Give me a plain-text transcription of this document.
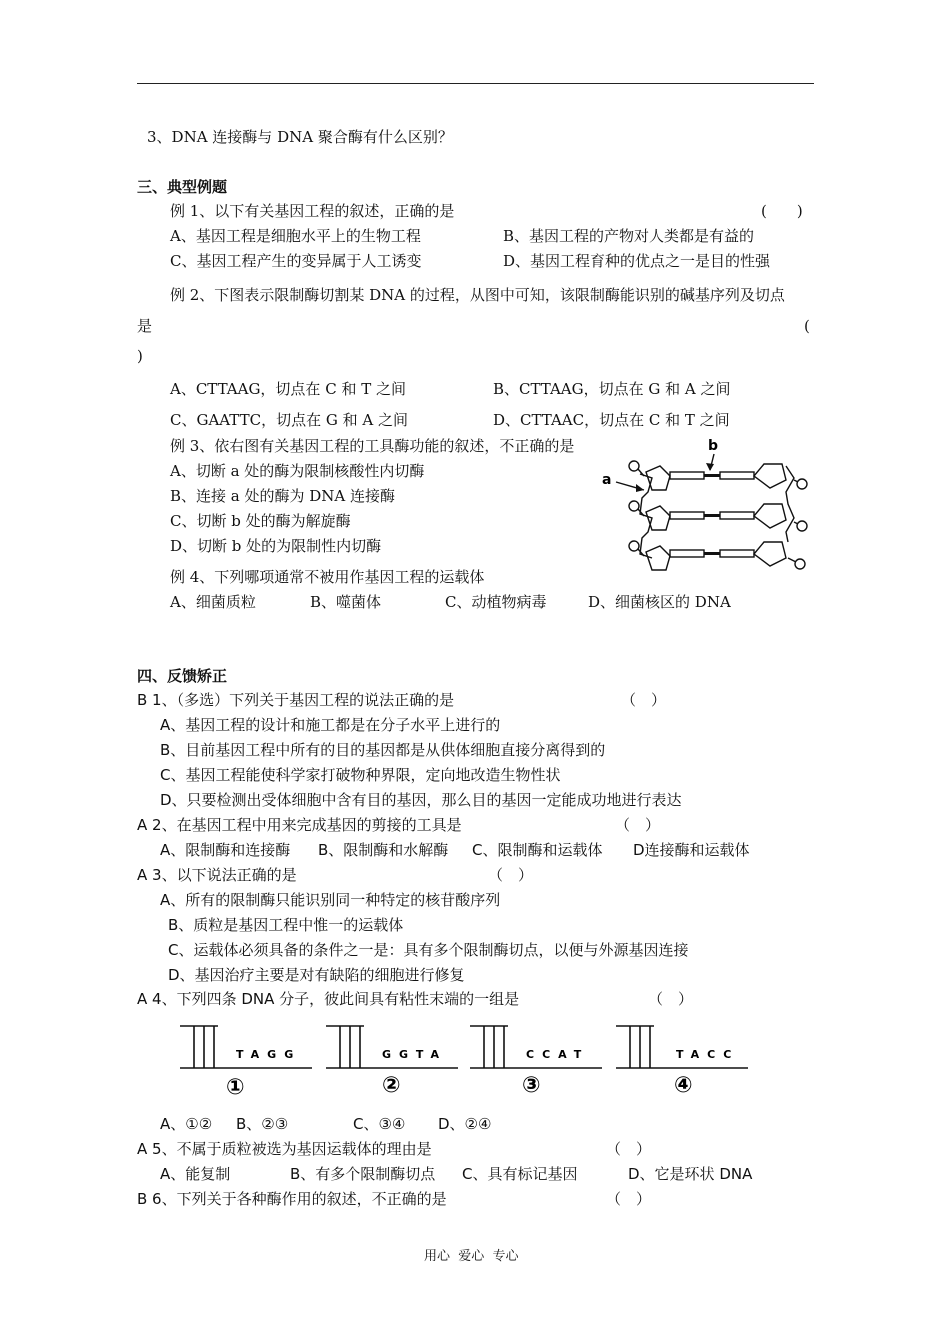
3、DNA 连接酶与 DNA 聚合酶有什么区别？
三、典型例题
例 1、以下有关基因工程的叙述，正确的是	(　　)
A、基因工程是细胞水平上的生物工程	B、基因工程的产物对人类都是有益的
C、基因工程产生的变异属于人工诱变	D、基因工程育种的优点之一是目的性强
例 2、下图表示限制酶切割某 DNA 的过程，从图中可知，该限制酶能识别的碱基序列及切点
是	(
)
A、CTTAAG，切点在 C 和 T 之间	B、CTTAAG，切点在 G 和 A 之间
C、GAATTC，切点在 G 和 A 之间	D、CTTAAC，切点在 C 和 T 之间
例 3、依右图有关基因工程的工具酶功能的叙述，不正确的是
A、切断 a 处的酶为限制核酸性内切酶
B、连接 a 处的酶为 DNA 连接酶
C、切断 b 处的酶为解旋酶
D、切断 b 处的为限制性内切酶
a
b
例 4、下列哪项通常不被用作基因工程的运载体
A、细菌质粒	B、噬菌体	C、动植物病毒	D、细菌核区的 DNA
四、反馈矫正
B 1、（多选）下列关于基因工程的说法正确的是	（　）
A、基因工程的设计和施工都是在分子水平上进行的
B、目前基因工程中所有的目的基因都是从供体细胞直接分离得到的
C、基因工程能使科学家打破物种界限，定向地改造生物性状
D、只要检测出受体细胞中含有目的基因，那么目的基因一定能成功地进行表达
A 2、在基因工程中用来完成基因的剪接的工具是	（　）
A、限制酶和连接酶 B、限制酶和水解酶 C、限制酶和运载体 D连接酶和运载体
A 3、以下说法正确的是	（　）
A、所有的限制酶只能识别同一种特定的核苷酸序列
B、质粒是基因工程中惟一的运载体
C、运载体必须具备的条件之一是：具有多个限制酶切点，以便与外源基因连接
D、基因治疗主要是对有缺陷的细胞进行修复
A 4、下列四条 DNA 分子，彼此间具有粘性末端的一组是	（　）
TAGG	GGTA	CCAT	TACC
①	②	③	④
A、①② B、②③	C、③④ D、②④
A 5、不属于质粒被选为基因运载体的理由是	（　）
A、能复制	B、有多个限制酶切点 C、具有标记基因	D、它是环状 DNA
B 6、下列关于各种酶作用的叙述，不正确的是	（　）
用心  爱心  专心
